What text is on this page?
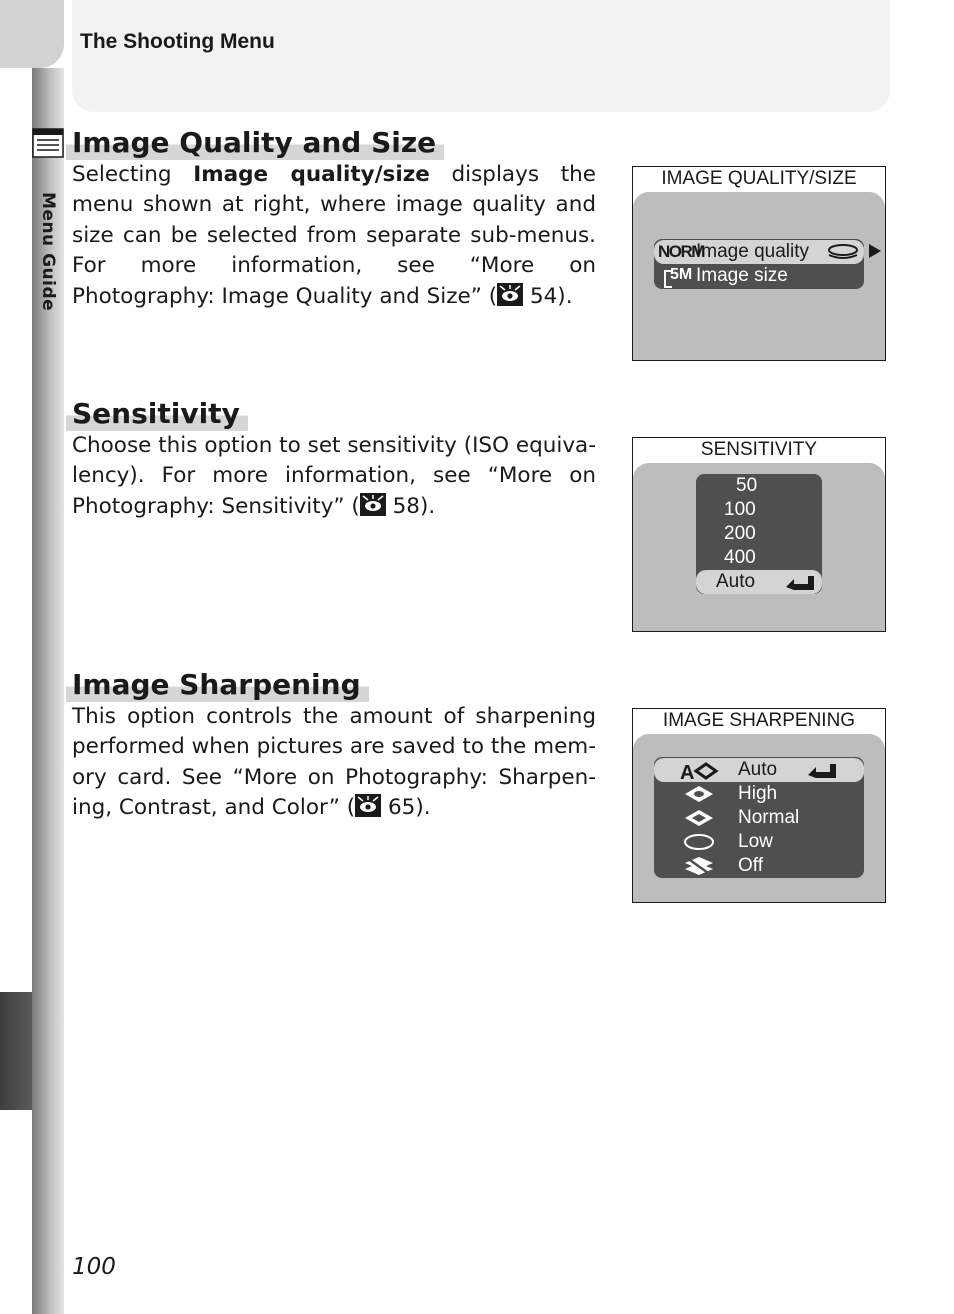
Menu Guide
The Shooting Menu
Image Quality and Size

Selecting Image quality/size displays the menu shown at right, where image quality and size can be selected from separate sub-menus. For more information, see “More on Photography: Image Quality and Size” ( 54).

Sensitivity

Choose this option to set sensitivity (ISO equiva-lency). For more information, see “More on Photography: Sensitivity” ( 58).

Image Sharpening

This option controls the amount of sharpening performed when pictures are saved to the mem-ory card. See “More on Photography: Sharpen-ing, Contrast, and Color” ( 65).

IMAGE QUALITY/SIZE
NORM
Image quality
5M Image size
SENSITIVITY
50
100
200
400
Auto
IMAGE SHARPENING
A Auto
High
Normal
Low
Off
100
